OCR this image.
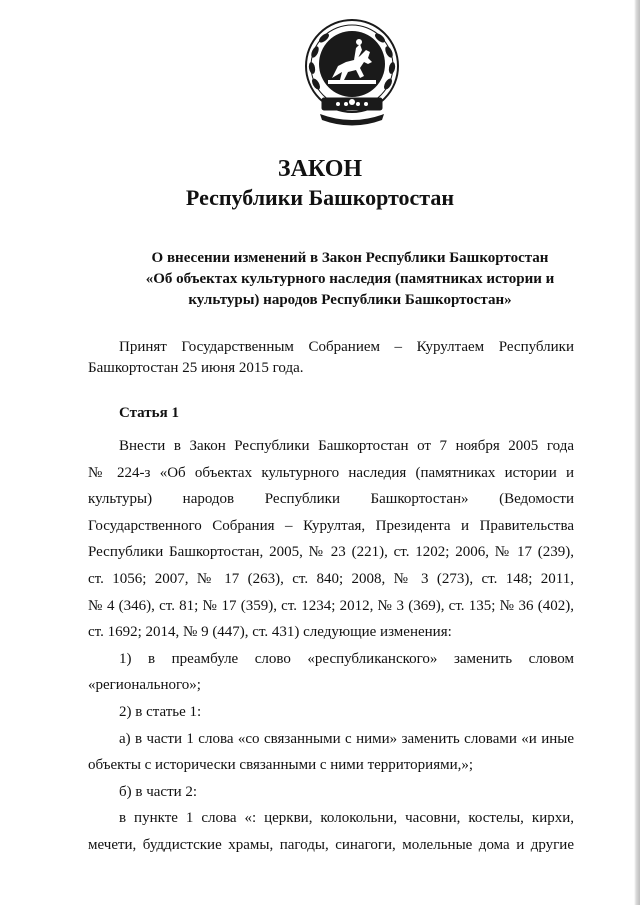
ЗАКОН
Республики Башкортостан
О внесении изменений в Закон Республики Башкортостан
«Об объектах культурного наследия (памятниках истории и
культуры) народов Республики Башкортостан»
Принят Государственным Собранием – Курултаем Республики
Башкортостан 25 июня 2015 года.
Статья 1
Внести в Закон Республики Башкортостан от 7 ноября 2005 года
№ 224-з «Об объектах культурного наследия (памятниках истории и
культуры) народов Республики Башкортостан» (Ведомости
Государственного Собрания – Курултая, Президента и Правительства
Республики Башкортостан, 2005, № 23 (221), ст. 1202; 2006, № 17 (239),
ст. 1056; 2007, № 17 (263), ст. 840; 2008, № 3 (273), ст. 148; 2011,
№ 4 (346), ст. 81; № 17 (359), ст. 1234; 2012, № 3 (369), ст. 135; № 36 (402),
ст. 1692; 2014, № 9 (447), ст. 431) следующие изменения:
1) в преамбуле слово «республиканского» заменить словом
«регионального»;
2) в статье 1:
а) в части 1 слова «со связанными с ними» заменить словами «и иные
объекты с исторически связанными с ними территориями,»;
б) в части 2:
в пункте 1 слова «: церкви, колокольни, часовни, костелы, кирхи,
мечети, буддистские храмы, пагоды, синагоги, молельные дома и другие
